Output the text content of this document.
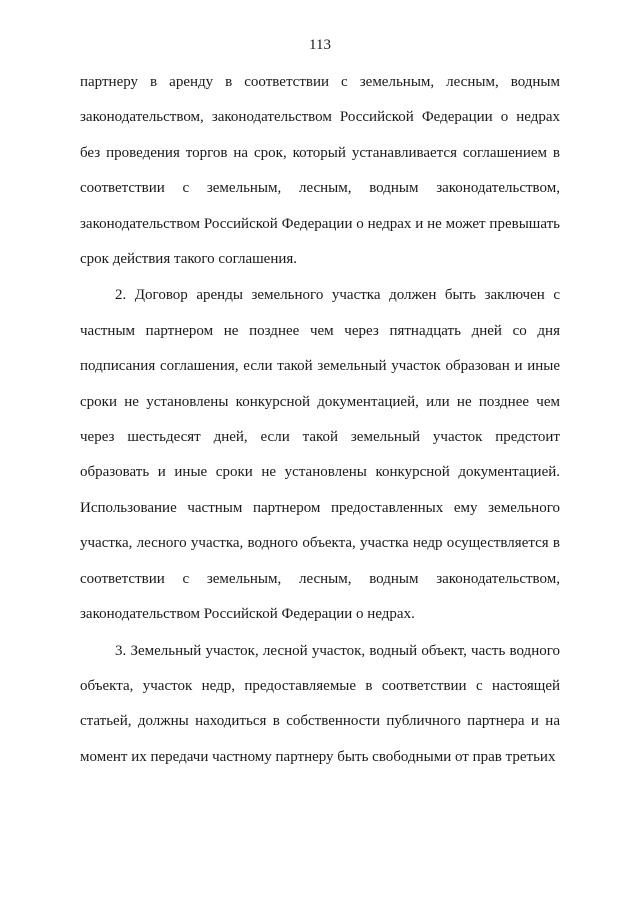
113

партнеру в аренду в соответствии с земельным, лесным, водным законодательством, законодательством Российской Федерации о недрах без проведения торгов на срок, который устанавливается соглашением в соответствии с земельным, лесным, водным законодательством, законодательством Российской Федерации о недрах и не может превышать срок действия такого соглашения.

2. Договор аренды земельного участка должен быть заключен с частным партнером не позднее чем через пятнадцать дней со дня подписания соглашения, если такой земельный участок образован и иные сроки не установлены конкурсной документацией, или не позднее чем через шестьдесят дней, если такой земельный участок предстоит образовать и иные сроки не установлены конкурсной документацией. Использование частным партнером предоставленных ему земельного участка, лесного участка, водного объекта, участка недр осуществляется в соответствии с земельным, лесным, водным законодательством, законодательством Российской Федерации о недрах.

3. Земельный участок, лесной участок, водный объект, часть водного объекта, участок недр, предоставляемые в соответствии с настоящей статьей, должны находиться в собственности публичного партнера и на момент их передачи частному партнеру быть свободными от прав третьих
